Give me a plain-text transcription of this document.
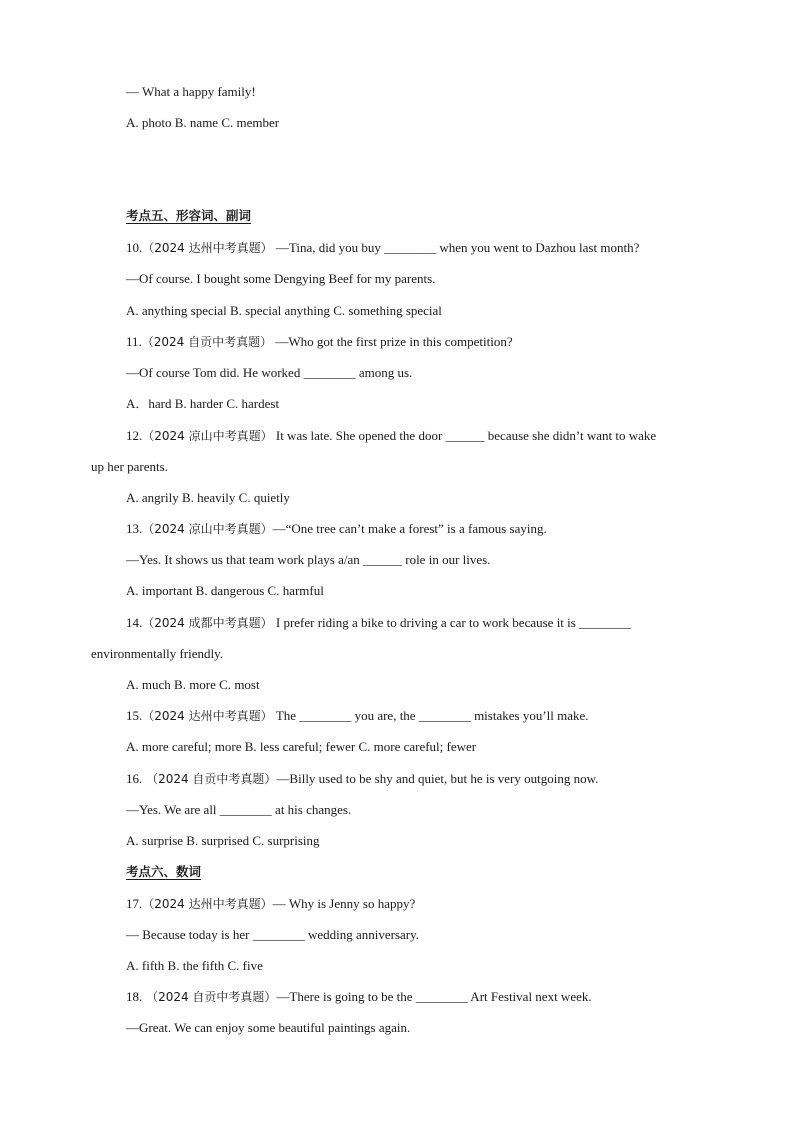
— What a happy family!
A. photo B. name C. member
考点五、形容词、副词
10.（2024 达州中考真题） —Tina, did you buy ________ when you went to Dazhou last month?
—Of course. I bought some Dengying Beef for my parents.
A. anything special B. special anything C. something special
11.（2024 自贡中考真题） —Who got the first prize in this competition?
—Of course Tom did. He worked ________ among us.
A．hard B. harder C. hardest
12.（2024 凉山中考真题） It was late. She opened the door ______ because she didn’t want to wake
up her parents.
A. angrily B. heavily C. quietly
13.（2024 凉山中考真题）—“One tree can’t make a forest” is a famous saying.
—Yes. It shows us that team work plays a/an ______ role in our lives.
A. important B. dangerous C. harmful
14.（2024 成都中考真题） I prefer riding a bike to driving a car to work because it is ________
environmentally friendly.
A. much B. more C. most
15.（2024 达州中考真题） The ________ you are, the ________ mistakes you’ll make.
A. more careful; more B. less careful; fewer C. more careful; fewer
16. （2024 自贡中考真题）—Billy used to be shy and quiet, but he is very outgoing now.
—Yes. We are all ________ at his changes.
A. surprise B. surprised C. surprising
考点六、数词
17.（2024 达州中考真题）— Why is Jenny so happy?
— Because today is her ________ wedding anniversary.
A. fifth B. the fifth C. five
18. （2024 自贡中考真题）—There is going to be the ________ Art Festival next week.
—Great. We can enjoy some beautiful paintings again.
